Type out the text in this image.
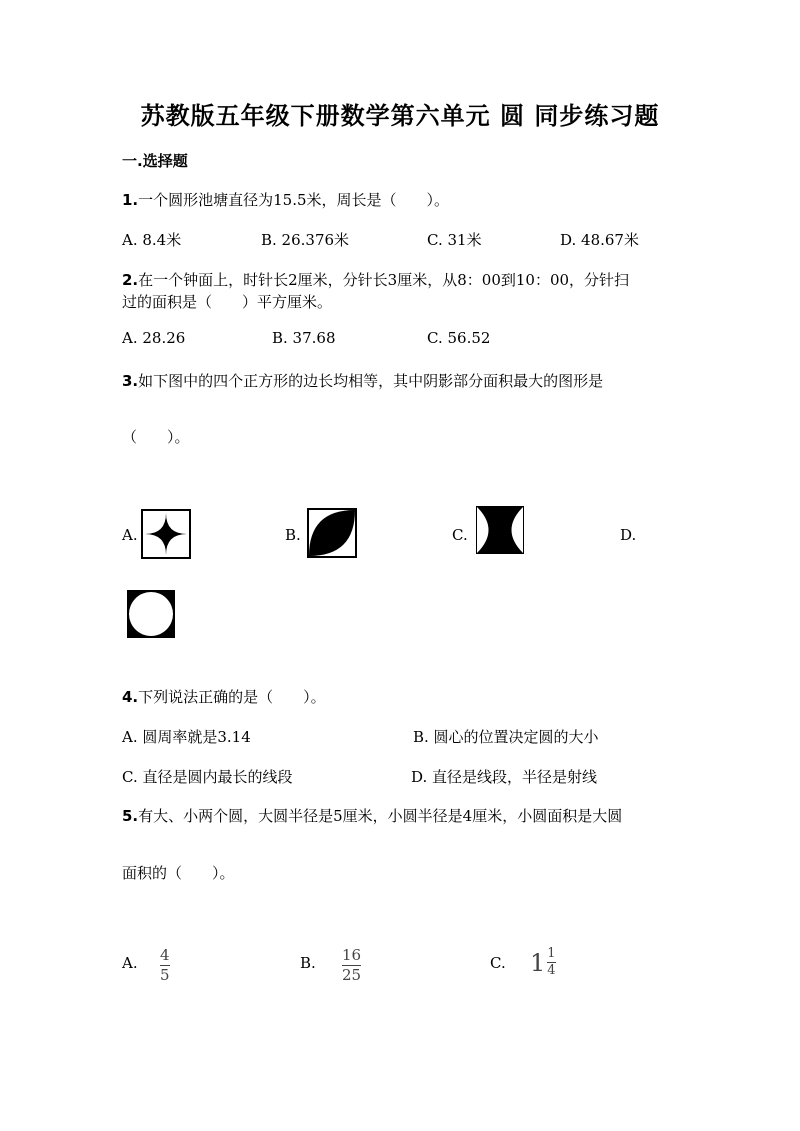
苏教版五年级下册数学第六单元 圆 同步练习题
一.选择题
1.一个圆形池塘直径为15.5米，周长是（　　）。
A. 8.4米	B. 26.376米	C. 31米	D. 48.67米
2.在一个钟面上，时针长2厘米，分针长3厘米，从8：00到10：00，分针扫
过的面积是（　　）平方厘米。
A. 28.26	B. 37.68	C. 56.52
3.如下图中的四个正方形的边长均相等，其中阴影部分面积最大的图形是
（　　）。
A.	B.	C.	D.
4.下列说法正确的是（　　）。
A. 圆周率就是3.14	B. 圆心的位置决定圆的大小
C. 直径是圆内最长的线段	D. 直径是线段，半径是射线
5.有大、小两个圆，大圆半径是5厘米，小圆半径是4厘米，小圆面积是大圆
面积的（　　）。
A. $\frac{4}{5}$	B. $\frac{16}{25}$	C. $1 \frac{1}{4}$
